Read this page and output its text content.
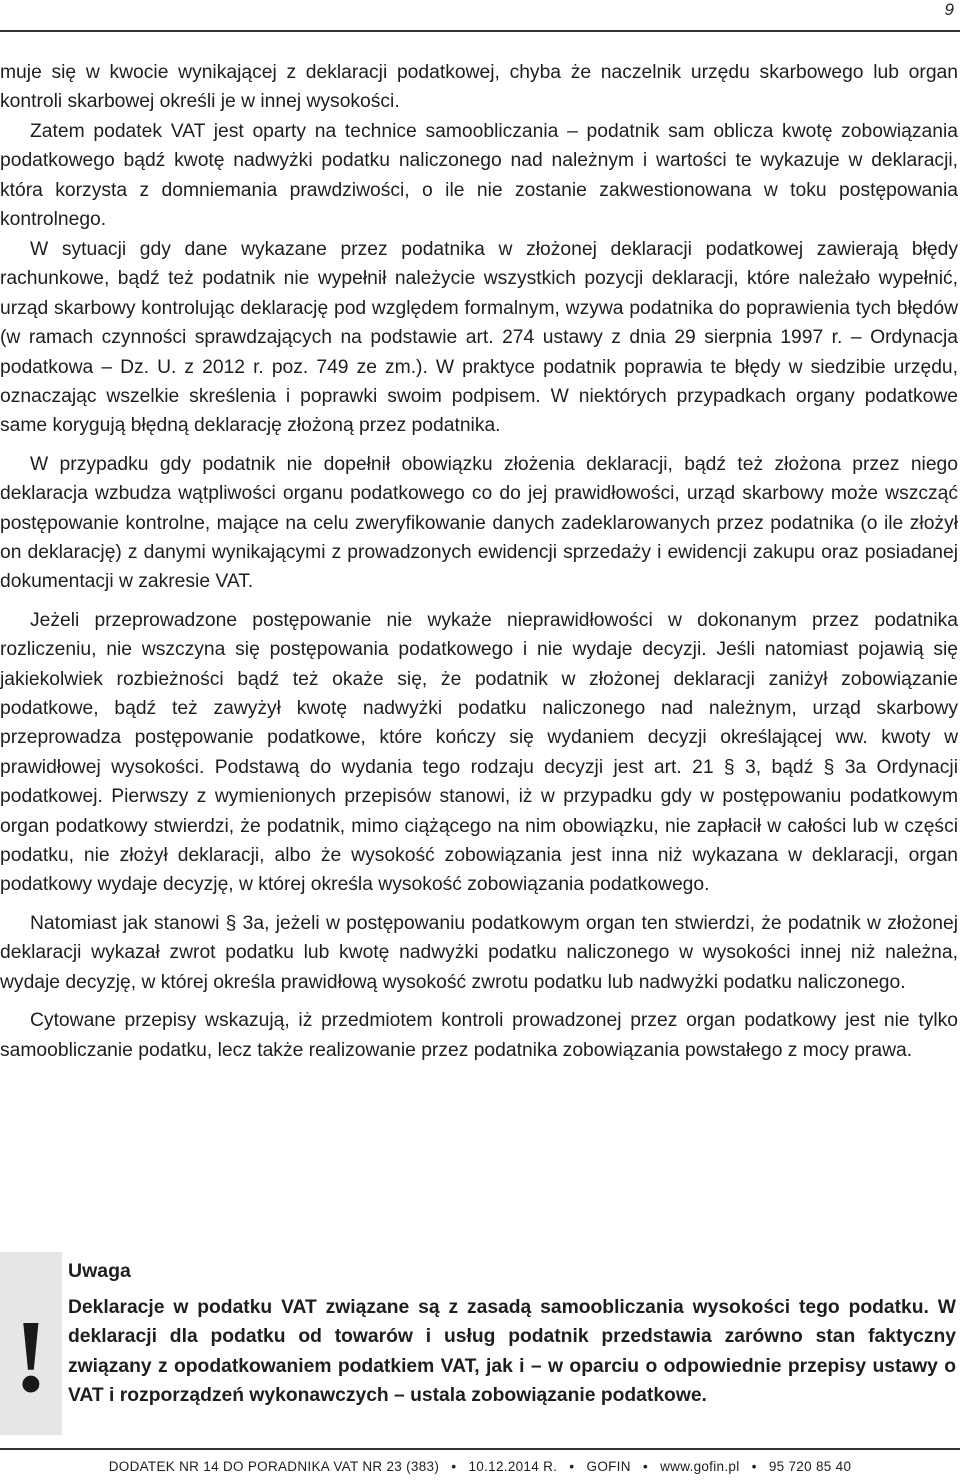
9

muje się w kwocie wynikającej z deklaracji podatkowej, chyba że naczelnik urzędu skarbowego lub organ kontroli skarbowej określi je w innej wysokości.

Zatem podatek VAT jest oparty na technice samoobliczania – podatnik sam oblicza kwotę zobowiązania podatkowego bądź kwotę nadwyżki podatku naliczonego nad należnym i wartości te wykazuje w deklaracji, która korzysta z domniemania prawdziwości, o ile nie zostanie zakwestionowana w toku postępowania kontrolnego.

W sytuacji gdy dane wykazane przez podatnika w złożonej deklaracji podatkowej zawierają błędy rachunkowe, bądź też podatnik nie wypełnił należycie wszystkich pozycji deklaracji, które należało wypełnić, urząd skarbowy kontrolując deklarację pod względem formalnym, wzywa podatnika do poprawienia tych błędów (w ramach czynności sprawdzających na podstawie art. 274 ustawy z dnia 29 sierpnia 1997 r. – Ordynacja podatkowa – Dz. U. z 2012 r. poz. 749 ze zm.). W praktyce podatnik poprawia te błędy w siedzibie urzędu, oznaczając wszelkie skreślenia i poprawki swoim podpisem. W niektórych przypadkach organy podatkowe same korygują błędną deklarację złożoną przez podatnika.

W przypadku gdy podatnik nie dopełnił obowiązku złożenia deklaracji, bądź też złożona przez niego deklaracja wzbudza wątpliwości organu podatkowego co do jej prawidłowości, urząd skarbowy może wszcząć postępowanie kontrolne, mające na celu zweryfikowanie danych zadeklarowanych przez podatnika (o ile złożył on deklarację) z danymi wynikającymi z prowadzonych ewidencji sprzedaży i ewidencji zakupu oraz posiadanej dokumentacji w zakresie VAT.

Jeżeli przeprowadzone postępowanie nie wykaże nieprawidłowości w dokonanym przez podatnika rozliczeniu, nie wszczyna się postępowania podatkowego i nie wydaje decyzji. Jeśli natomiast pojawią się jakiekolwiek rozbieżności bądź też okaże się, że podatnik w złożonej deklaracji zaniżył zobowiązanie podatkowe, bądź też zawyżył kwotę nadwyżki podatku naliczonego nad należnym, urząd skarbowy przeprowadza postępowanie podatkowe, które kończy się wydaniem decyzji określającej ww. kwoty w prawidłowej wysokości. Podstawą do wydania tego rodzaju decyzji jest art. 21 § 3, bądź § 3a Ordynacji podatkowej. Pierwszy z wymienionych przepisów stanowi, iż w przypadku gdy w postępowaniu podatkowym organ podatkowy stwierdzi, że podatnik, mimo ciążącego na nim obowiązku, nie zapłacił w całości lub w części podatku, nie złożył deklaracji, albo że wysokość zobowiązania jest inna niż wykazana w deklaracji, organ podatkowy wydaje decyzję, w której określa wysokość zobowiązania podatkowego.

Natomiast jak stanowi § 3a, jeżeli w postępowaniu podatkowym organ ten stwierdzi, że podatnik w złożonej deklaracji wykazał zwrot podatku lub kwotę nadwyżki podatku naliczonego w wysokości innej niż należna, wydaje decyzję, w której określa prawidłową wysokość zwrotu podatku lub nadwyżki podatku naliczonego.

Cytowane przepisy wskazują, iż przedmiotem kontroli prowadzonej przez organ podatkowy jest nie tylko samoobliczanie podatku, lecz także realizowanie przez podatnika zobowiązania powstałego z mocy prawa.

!
Uwaga

Deklaracje w podatku VAT związane są z zasadą samoobliczania wysokości tego podatku. W deklaracji dla podatku od towarów i usług podatnik przedstawia zarówno stan faktyczny związany z opodatkowaniem podatkiem VAT, jak i – w oparciu o odpowiednie przepisy ustawy o VAT i rozporządzeń wykonawczych – ustala zobowiązanie podatkowe.

DODATEK NR 14 DO PORADNIKA VAT NR 23 (383) • 10.12.2014 R. • GOFIN • www.gofin.pl • 95 720 85 40
